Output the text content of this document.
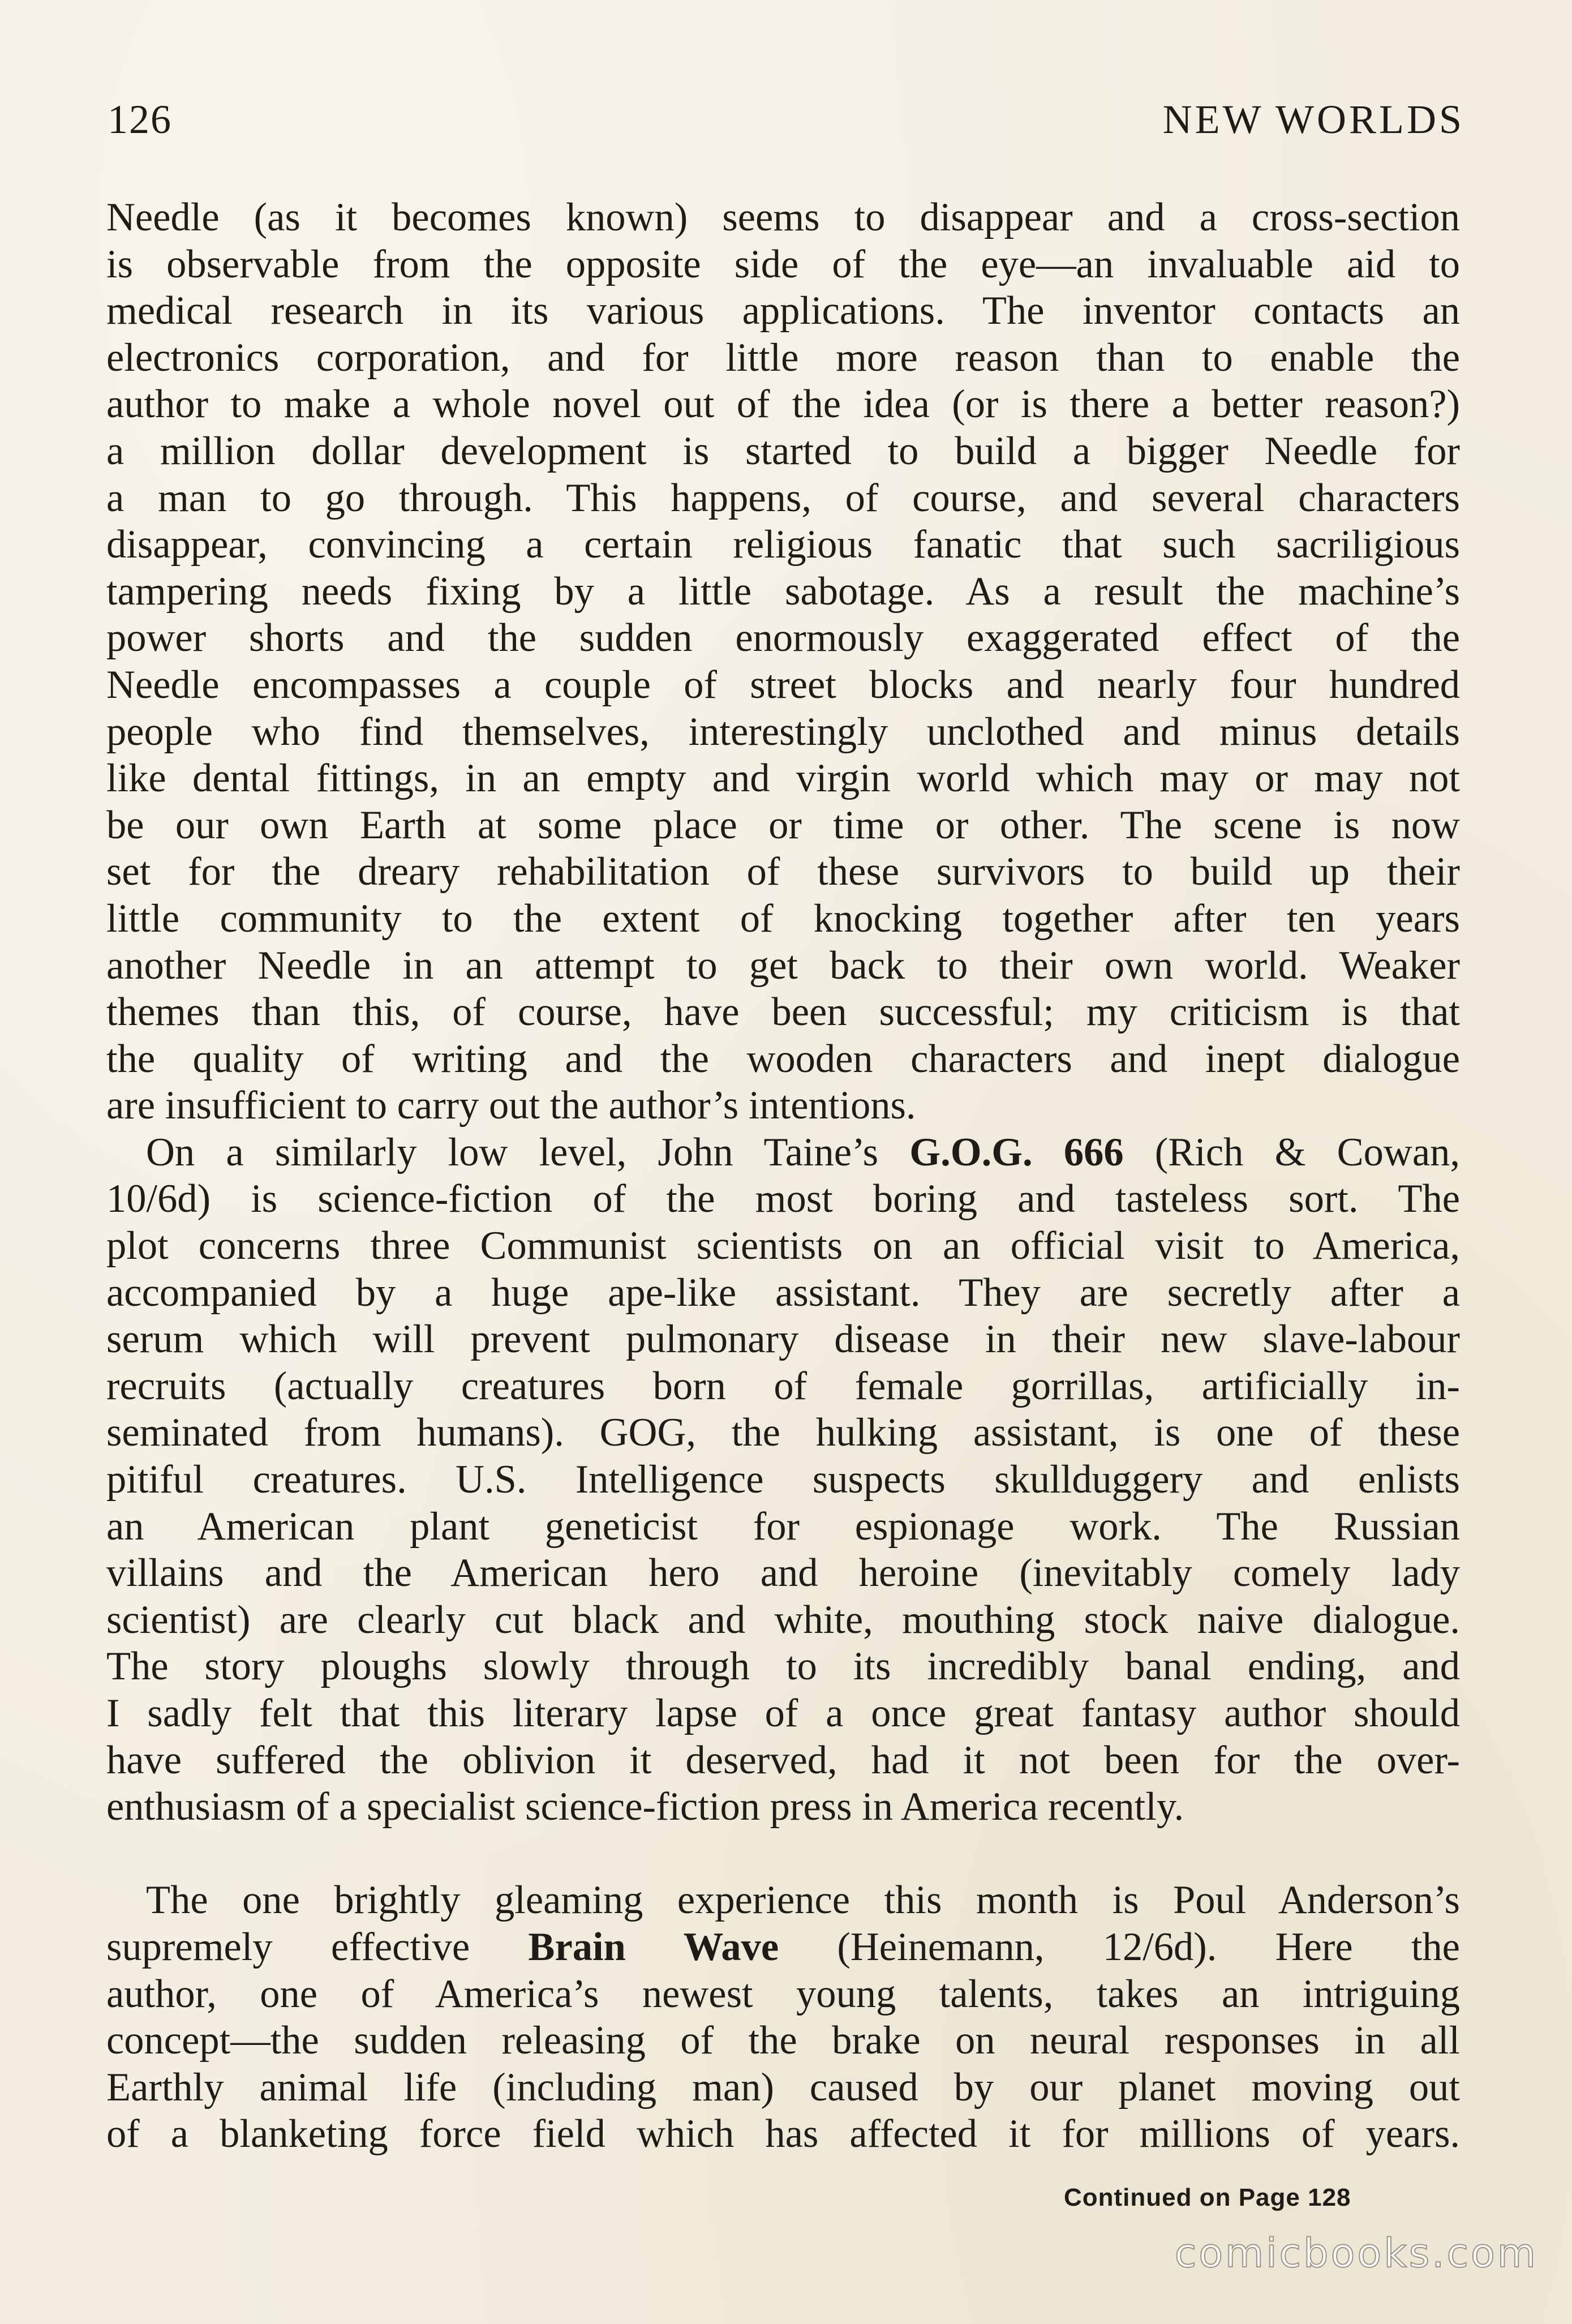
126	NEW WORLDS
Needle (as it becomes known) seems to disappear and a cross-section
is observable from the opposite side of the eye—an invaluable aid to
medical research in its various applications. The inventor contacts an
electronics corporation, and for little more reason than to enable the
author to make a whole novel out of the idea (or is there a better reason?)
a million dollar development is started to build a bigger Needle for
a man to go through. This happens, of course, and several characters
disappear, convincing a certain religious fanatic that such sacriligious
tampering needs fixing by a little sabotage. As a result the machine’s
power shorts and the sudden enormously exaggerated effect of the
Needle encompasses a couple of street blocks and nearly four hundred
people who find themselves, interestingly unclothed and minus details
like dental fittings, in an empty and virgin world which may or may not
be our own Earth at some place or time or other. The scene is now
set for the dreary rehabilitation of these survivors to build up their
little community to the extent of knocking together after ten years
another Needle in an attempt to get back to their own world. Weaker
themes than this, of course, have been successful; my criticism is that
the quality of writing and the wooden characters and inept dialogue
are insufficient to carry out the author’s intentions.
On a similarly low level, John Taine’s G.O.G. 666 (Rich & Cowan,
10/6d) is science-fiction of the most boring and tasteless sort. The
plot concerns three Communist scientists on an official visit to America,
accompanied by a huge ape-like assistant. They are secretly after a
serum which will prevent pulmonary disease in their new slave-labour
recruits (actually creatures born of female gorrillas, artificially in-
seminated from humans). GOG, the hulking assistant, is one of these
pitiful creatures. U.S. Intelligence suspects skullduggery and enlists
an American plant geneticist for espionage work. The Russian
villains and the American hero and heroine (inevitably comely lady
scientist) are clearly cut black and white, mouthing stock naive dialogue.
The story ploughs slowly through to its incredibly banal ending, and
I sadly felt that this literary lapse of a once great fantasy author should
have suffered the oblivion it deserved, had it not been for the over-
enthusiasm of a specialist science-fiction press in America recently.
The one brightly gleaming experience this month is Poul Anderson’s
supremely effective Brain Wave (Heinemann, 12/6d). Here the
author, one of America’s newest young talents, takes an intriguing
concept—the sudden releasing of the brake on neural responses in all
Earthly animal life (including man) caused by our planet moving out
of a blanketing force field which has affected it for millions of years.
Continued on Page 128
comicbooks.com
